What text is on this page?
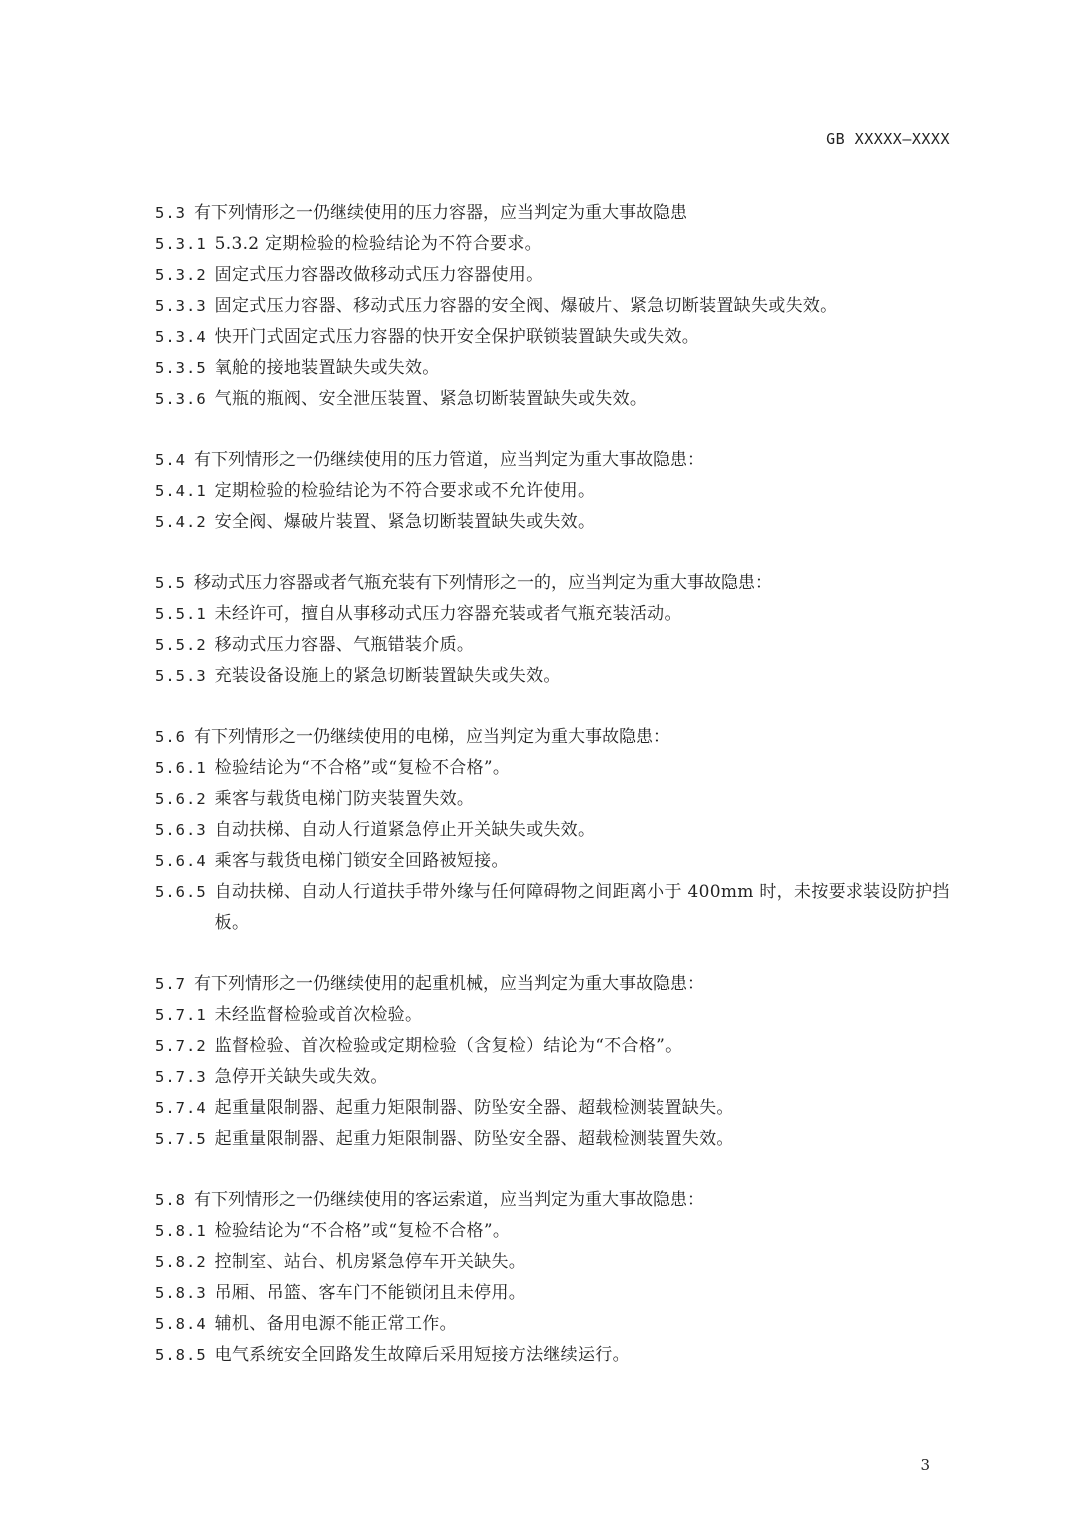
GB XXXXX—XXXX
5.3 有下列情形之一仍继续使用的压力容器，应当判定为重大事故隐患
5.3.1 5.3.2 定期检验的检验结论为不符合要求。
5.3.2 固定式压力容器改做移动式压力容器使用。
5.3.3 固定式压力容器、移动式压力容器的安全阀、爆破片、紧急切断装置缺失或失效。
5.3.4 快开门式固定式压力容器的快开安全保护联锁装置缺失或失效。
5.3.5 氧舱的接地装置缺失或失效。
5.3.6 气瓶的瓶阀、安全泄压装置、紧急切断装置缺失或失效。
5.4 有下列情形之一仍继续使用的压力管道，应当判定为重大事故隐患：
5.4.1 定期检验的检验结论为不符合要求或不允许使用。
5.4.2 安全阀、爆破片装置、紧急切断装置缺失或失效。
5.5 移动式压力容器或者气瓶充装有下列情形之一的，应当判定为重大事故隐患：
5.5.1 未经许可，擅自从事移动式压力容器充装或者气瓶充装活动。
5.5.2 移动式压力容器、气瓶错装介质。
5.5.3 充装设备设施上的紧急切断装置缺失或失效。
5.6 有下列情形之一仍继续使用的电梯，应当判定为重大事故隐患：
5.6.1 检验结论为“不合格”或“复检不合格”。
5.6.2 乘客与载货电梯门防夹装置失效。
5.6.3 自动扶梯、自动人行道紧急停止开关缺失或失效。
5.6.4 乘客与载货电梯门锁安全回路被短接。
5.6.5 自动扶梯、自动人行道扶手带外缘与任何障碍物之间距离小于 400mm 时，未按要求装设防护挡板。
5.7 有下列情形之一仍继续使用的起重机械，应当判定为重大事故隐患：
5.7.1 未经监督检验或首次检验。
5.7.2 监督检验、首次检验或定期检验（含复检）结论为“不合格”。
5.7.3 急停开关缺失或失效。
5.7.4 起重量限制器、起重力矩限制器、防坠安全器、超载检测装置缺失。
5.7.5 起重量限制器、起重力矩限制器、防坠安全器、超载检测装置失效。
5.8 有下列情形之一仍继续使用的客运索道，应当判定为重大事故隐患：
5.8.1 检验结论为“不合格”或“复检不合格”。
5.8.2 控制室、站台、机房紧急停车开关缺失。
5.8.3 吊厢、吊篮、客车门不能锁闭且未停用。
5.8.4 辅机、备用电源不能正常工作。
5.8.5 电气系统安全回路发生故障后采用短接方法继续运行。
3
